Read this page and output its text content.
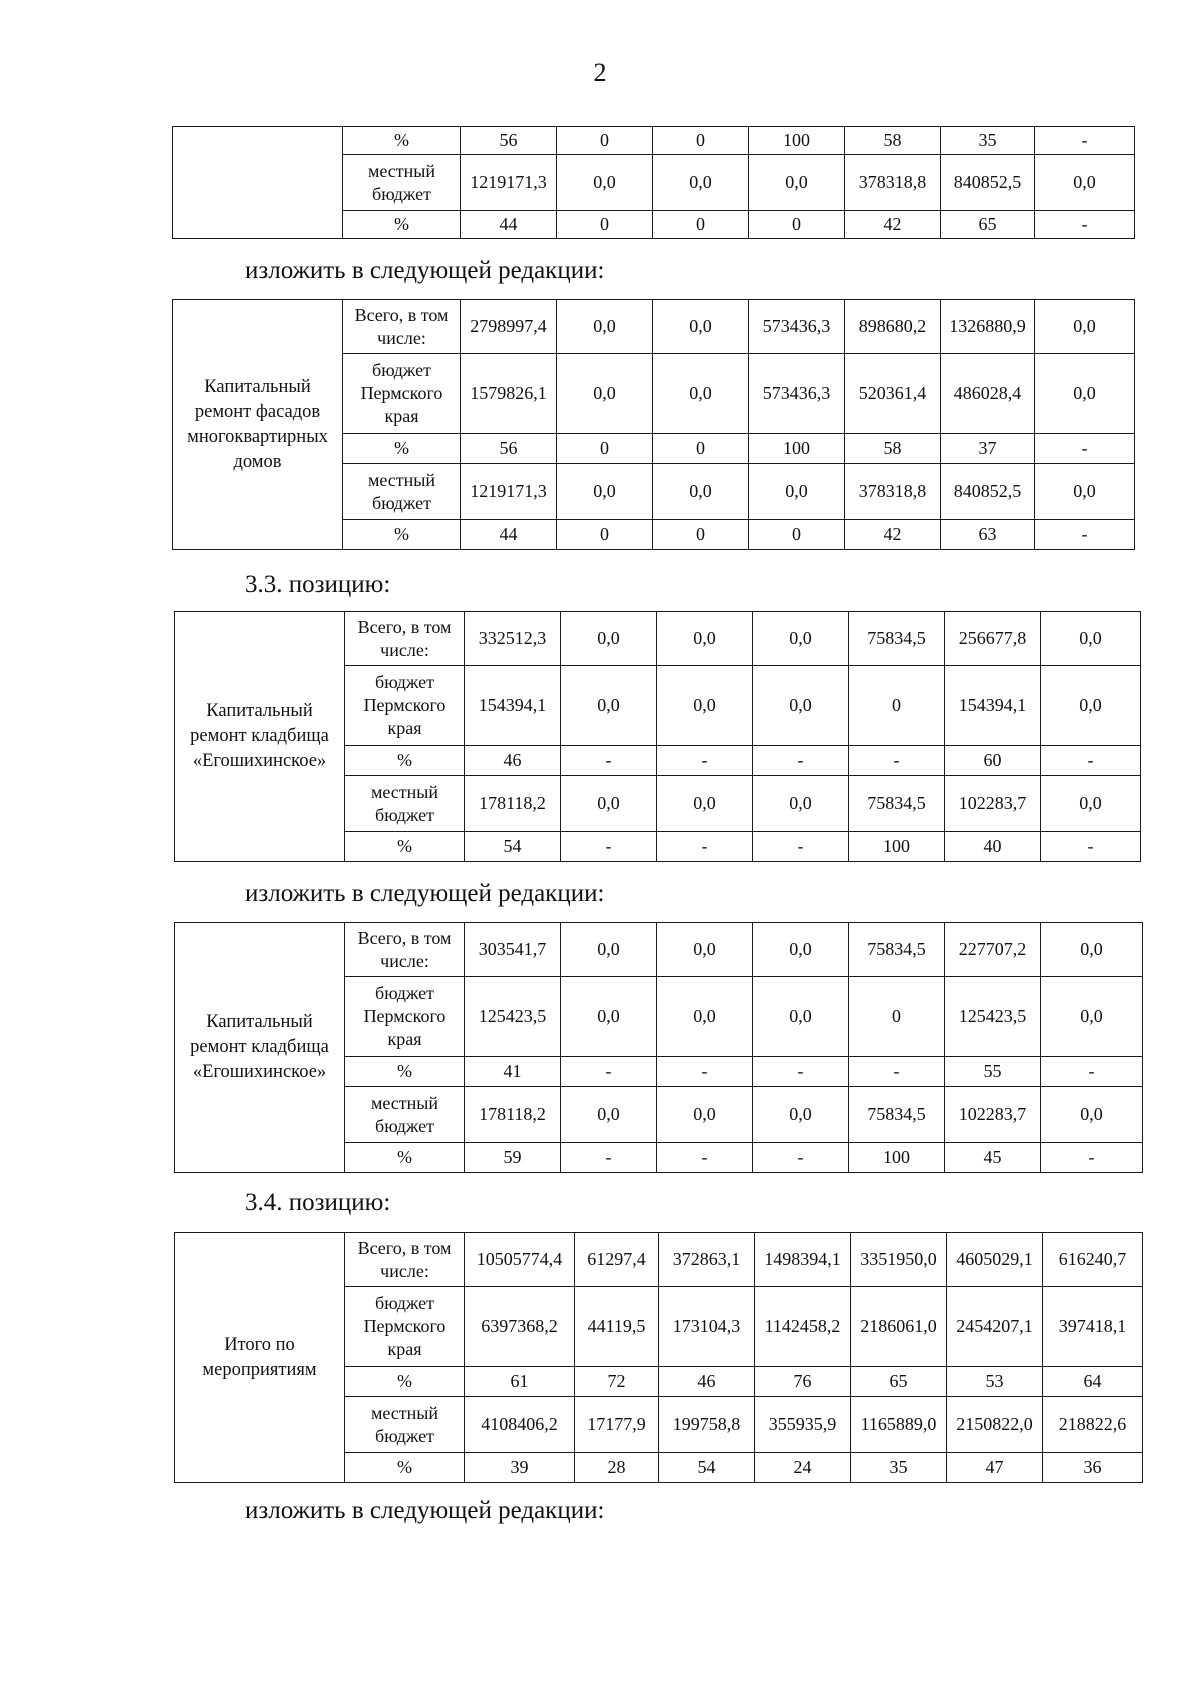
2
	%	56	0	0	100	58	35	-
	местный бюджет	1219171,3	0,0	0,0	0,0	378318,8	840852,5	0,0
	%	44	0	0	0	42	65	-
изложить в следующей редакции:
Капитальный ремонт фасадов многоквартирных домов	Всего, в том числе:	2798997,4	0,0	0,0	573436,3	898680,2	1326880,9	0,0
	бюджет Пермского края	1579826,1	0,0	0,0	573436,3	520361,4	486028,4	0,0
	%	56	0	0	100	58	37	-
	местный бюджет	1219171,3	0,0	0,0	0,0	378318,8	840852,5	0,0
	%	44	0	0	0	42	63	-
3.3. позицию:
Капитальный ремонт кладбища «Егошихинское»	Всего, в том числе:	332512,3	0,0	0,0	0,0	75834,5	256677,8	0,0
	бюджет Пермского края	154394,1	0,0	0,0	0,0	0	154394,1	0,0
	%	46	-	-	-	-	60	-
	местный бюджет	178118,2	0,0	0,0	0,0	75834,5	102283,7	0,0
	%	54	-	-	-	100	40	-
изложить в следующей редакции:
Капитальный ремонт кладбища «Егошихинское»	Всего, в том числе:	303541,7	0,0	0,0	0,0	75834,5	227707,2	0,0
	бюджет Пермского края	125423,5	0,0	0,0	0,0	0	125423,5	0,0
	%	41	-	-	-	-	55	-
	местный бюджет	178118,2	0,0	0,0	0,0	75834,5	102283,7	0,0
	%	59	-	-	-	100	45	-
3.4. позицию:
Итого по мероприятиям	Всего, в том числе:	10505774,4	61297,4	372863,1	1498394,1	3351950,0	4605029,1	616240,7
	бюджет Пермского края	6397368,2	44119,5	173104,3	1142458,2	2186061,0	2454207,1	397418,1
	%	61	72	46	76	65	53	64
	местный бюджет	4108406,2	17177,9	199758,8	355935,9	1165889,0	2150822,0	218822,6
	%	39	28	54	24	35	47	36
изложить в следующей редакции:
